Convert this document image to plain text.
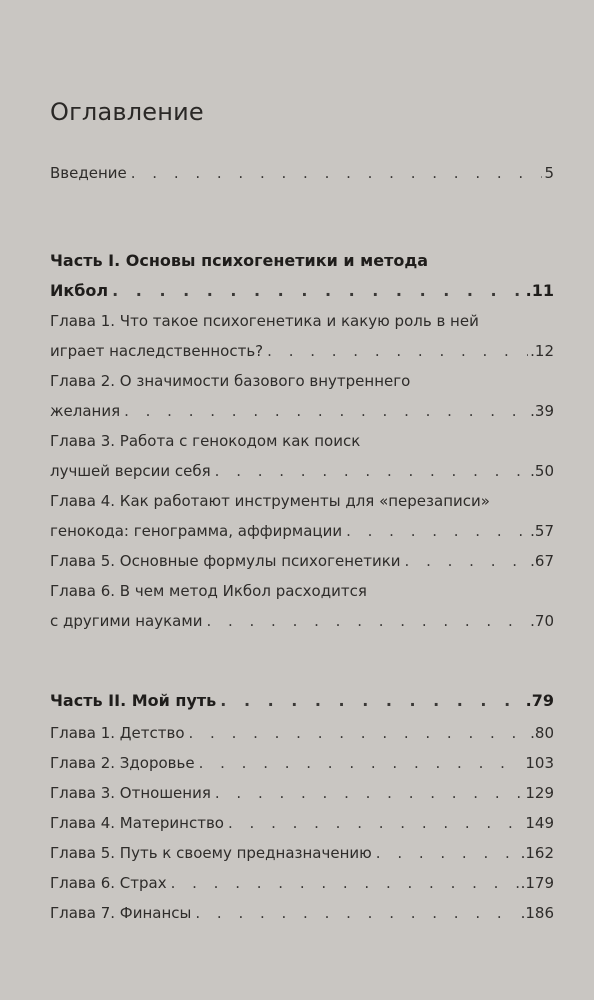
Оглавление
Введение . . .	5
Часть I. Основы психогенетики и метода
Икбол . . .	.11
Глава 1. Что такое психогенетика и какую роль в ней
играет наследственность? . . .	.12
Глава 2. О значимости базового внутреннего
желания . . .	.39
Глава 3. Работа с генокодом как поиск
лучшей версии себя . . .	.50
Глава 4. Как работают инструменты для «перезаписи»
генокода: генограмма, аффирмации . . .	.57
Глава 5. Основные формулы психогенетики . . .	.67
Глава 6. В чем метод Икбол расходится
с другими науками . . .	.70
Часть II. Мой путь . . .	.79
Глава 1. Детство . . .	.80
Глава 2. Здоровье . . .	103
Глава 3. Отношения . . .	129
Глава 4. Материнство . . .	149
Глава 5. Путь к своему предназначению . . .	.162
Глава 6. Страх . . .	.179
Глава 7. Финансы . . .	.186
